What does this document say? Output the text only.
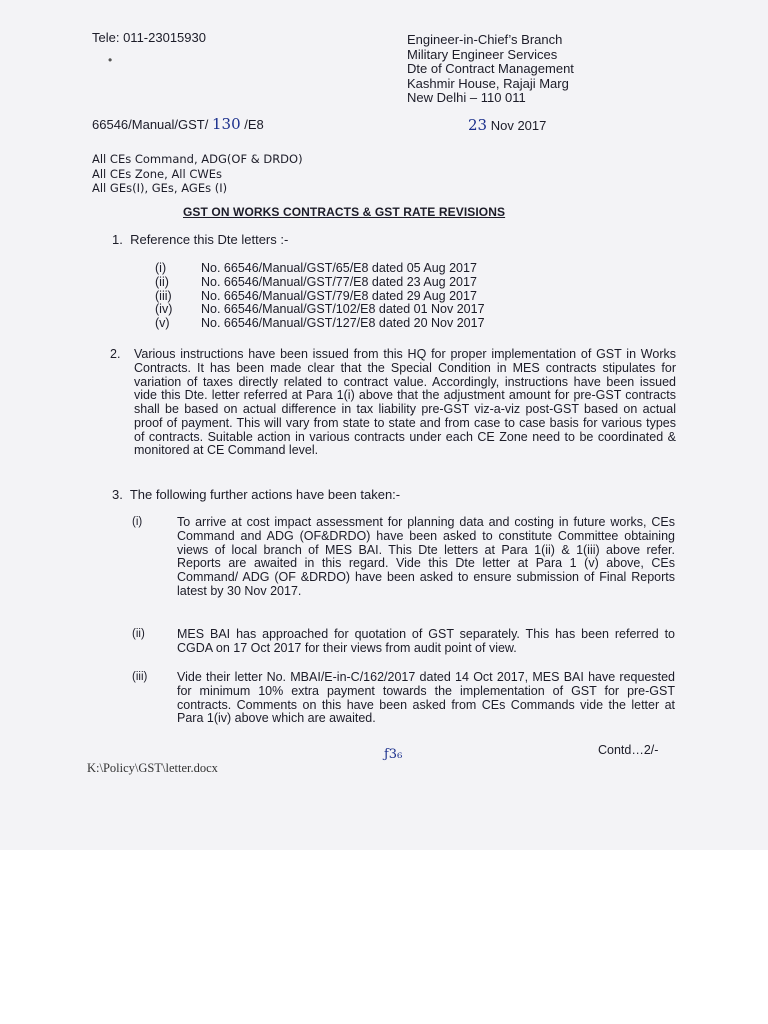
Tele: 011-23015930	Engineer-in-Chief’s Branch
Military Engineer Services
Dte of Contract Management
Kashmir House, Rajaji Marg
New Delhi – 110 011
•
66546/Manual/GST/ 130 /E8	23 Nov 2017
All CEs Command, ADG(OF & DRDO)
All CEs Zone, All CWEs
All GEs(I), GEs, AGEs (I)
GST ON WORKS CONTRACTS & GST RATE REVISIONS
1. Reference this Dte letters :-
(i)	No. 66546/Manual/GST/65/E8 dated 05 Aug 2017
(ii)	No. 66546/Manual/GST/77/E8 dated 23 Aug 2017
(iii) No. 66546/Manual/GST/79/E8 dated 29 Aug 2017
(iv) No. 66546/Manual/GST/102/E8 dated 01 Nov 2017
(v)	No. 66546/Manual/GST/127/E8 dated 20 Nov 2017
2. Various instructions have been issued from this HQ for proper implementation of GST in Works Contracts. It has been made clear that the Special Condition in MES contracts stipulates for variation of taxes directly related to contract value. Accordingly, instructions have been issued vide this Dte. letter referred at Para 1(i) above that the adjustment amount for pre-GST contracts shall be based on actual difference in tax liability pre-GST viz-a-viz post-GST based on actual proof of payment. This will vary from state to state and from case to case basis for various types of contracts. Suitable action in various contracts under each CE Zone need to be coordinated & monitored at CE Command level.
3. The following further actions have been taken:-
(i)	To arrive at cost impact assessment for planning data and costing in future works, CEs Command and ADG (OF&DRDO) have been asked to constitute Committee obtaining views of local branch of MES BAI. This Dte letters at Para 1(ii) & 1(iii) above refer. Reports are awaited in this regard. Vide this Dte letter at Para 1 (v) above, CEs Command/ ADG (OF &DRDO) have been asked to ensure submission of Final Reports latest by 30 Nov 2017.
(ii)	MES BAI has approached for quotation of GST separately. This has been referred to CGDA on 17 Oct 2017 for their views from audit point of view.
(iii) Vide their letter No. MBAI/E-in-C/162/2017 dated 14 Oct 2017, MES BAI have requested for minimum 10% extra payment towards the implementation of GST for pre-GST contracts. Comments on this have been asked from CEs Commands vide the letter at Para 1(iv) above which are awaited.
Contd…2/-
ƒ3₆
K:\Policy\GST\letter.docx
